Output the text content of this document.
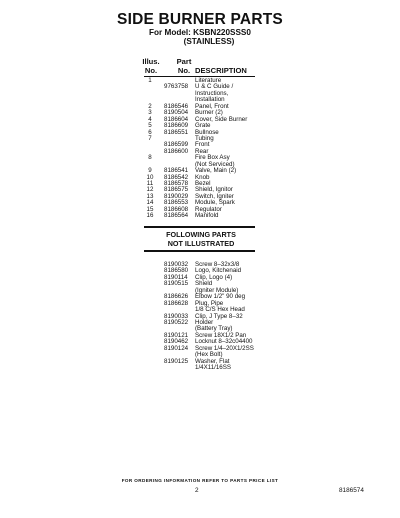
SIDE BURNER PARTS
For Model: KSBN220SSS0
(STAINLESS)
Illus.
No.
Part
No. DESCRIPTION
1	Literature
9763758 U & C Guide /
Instructions,
Installation
2	8186546 Panel, Front
3	8190504 Burner (2)
4	8186604 Cover, Side Burner
5	8186609 Grate
6	8186551 Bullnose
7	Tubing
8186599 Front
8186600 Rear
8	Fire Box Asy
(Not Serviced)
9	8186541 Valve, Main (2)
10	8186542 Knob
11	8186578 Bezel
12	8186575 Shield, Ignitor
13	8190029 Switch, Igniter
14	8186553 Module, Spark
15	8186608 Regulator
16	8186564 Manifold
FOLLOWING PARTS
NOT ILLUSTRATED
8190032 Screw 8–32x3/8
8186580 Logo, Kitchenaid
8190114 Clip, Logo (4)
8190515 Shield
(Igniter Module)
8186626 Elbow 1/2" 90 deg
8186628 Plug, Pipe
1/8 C/S Hex Head
8190033 Clip, J Type 8–32
8190522 Holder
(Battery Tray)
8190121 Screw 18X1/2 Pan
8190462 Locknut 8–32c04400
8190124 Screw 1/4–20X1/2SS
(Hex Bolt)
8190125 Washer, Flat
1/4X11/16SS
FOR ORDERING INFORMATION REFER TO PARTS PRICE LIST
2	8186574
